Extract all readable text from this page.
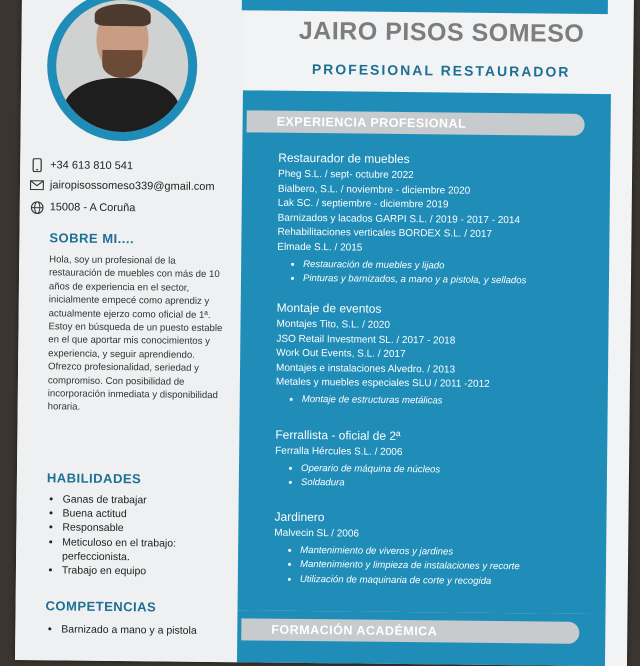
JAIRO PISOS SOMESO
PROFESIONAL RESTAURADOR
+34 613 810 541
jairopisossomeso339@gmail.com
15008 - A Coruña
SOBRE MI....

Hola, soy un profesional de la restauración de muebles con más de 10 años de experiencia en el sector, inicialmente empecé como aprendiz y actualmente ejerzo como oficial de 1ª.

Estoy en búsqueda de un puesto estable en el que aportar mis conocimientos y experiencia, y seguir aprendiendo.

Ofrezco profesionalidad, seriedad y compromiso. Con posibilidad de incorporación inmediata y disponibilidad horaria.

HABILIDADES
• Ganas de trabajar
• Buena actitud
• Responsable
• Meticuloso en el trabajo: perfeccionista.
• Trabajo en equipo
COMPETENCIAS
• Barnizado a mano y a pistola
EXPERIENCIA PROFESIONAL
Restaurador de muebles
Pheg S.L. / sept- octubre 2022
Bialbero, S.L. / noviembre - diciembre 2020
Lak SC. / septiembre - diciembre 2019
Barnizados y lacados GARPI S.L. / 2019 - 2017 - 2014
Rehabilitaciones verticales BORDEX S.L. / 2017
Elmade S.L. / 2015
• Restauración de muebles y lijado
• Pinturas y barnizados, a mano y a pistola, y sellados
Montaje de eventos
Montajes Tito, S.L. / 2020
JSO Retail Investment SL. / 2017 - 2018
Work Out Events, S.L. / 2017
Montajes e instalaciones Alvedro. / 2013
Metales y muebles especiales SLU / 2011 -2012
• Montaje de estructuras metálicas
Ferrallista - oficial de 2ª
Ferralla Hércules S.L. / 2006
• Operario de máquina de núcleos
• Soldadura
Jardinero
Malvecin SL / 2006
• Mantenimiento de viveros y jardines
• Mantenimiento y limpieza de instalaciones y recorte
• Utilización de maquinaria de corte y recogida
FORMACIÓN ACADÉMICA
